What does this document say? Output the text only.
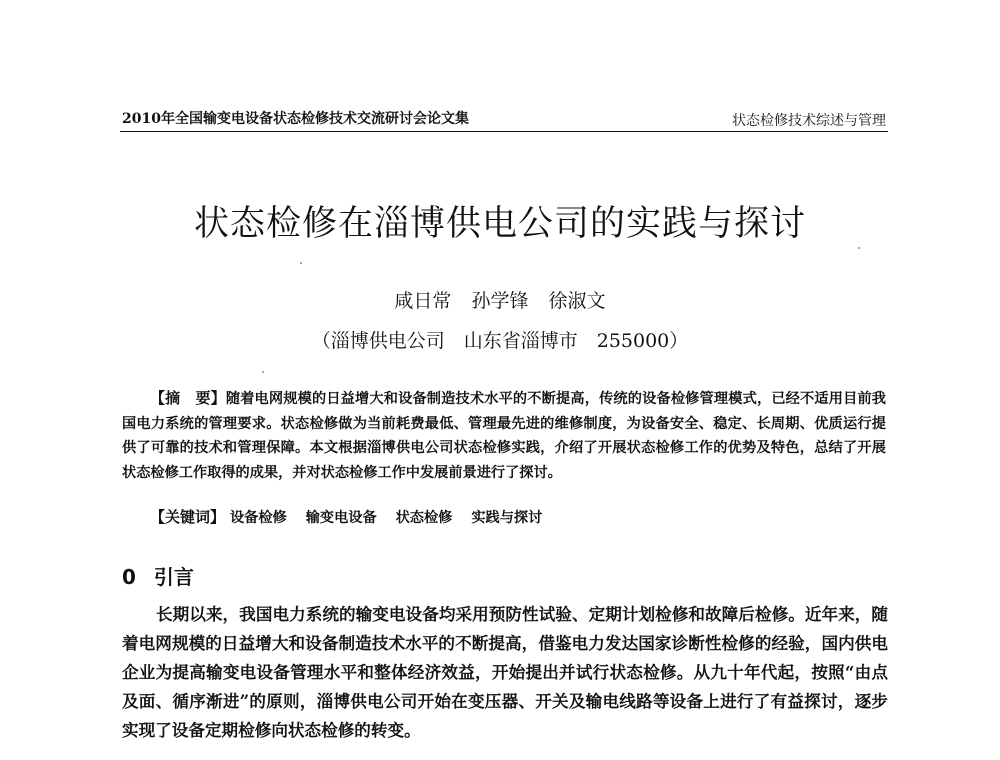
2010年全国输变电设备状态检修技术交流研讨会论文集	状态检修技术综述与管理
状态检修在淄博供电公司的实践与探讨
咸日常 孙学锋 徐淑文
（淄博供电公司　山东省淄博市　255000）
【摘　要】随着电网规模的日益增大和设备制造技术水平的不断提高，传统的设备检修管理模式，已经不适用目前我国电力系统的管理要求。状态检修做为当前耗费最低、管理最先进的维修制度，为设备安全、稳定、长周期、优质运行提供了可靠的技术和管理保障。本文根据淄博供电公司状态检修实践，介绍了开展状态检修工作的优势及特色，总结了开展状态检修工作取得的成果，并对状态检修工作中发展前景进行了探讨。
【关键词】 设备检修 输变电设备 状态检修 实践与探讨
0 引言
长期以来，我国电力系统的输变电设备均采用预防性试验、定期计划检修和故障后检修。近年来，随着电网规模的日益增大和设备制造技术水平的不断提高，借鉴电力发达国家诊断性检修的经验，国内供电企业为提高输变电设备管理水平和整体经济效益，开始提出并试行状态检修。从九十年代起，按照“由点及面、循序渐进”的原则，淄博供电公司开始在变压器、开关及输电线路等设备上进行了有益探讨，逐步实现了设备定期检修向状态检修的转变。
